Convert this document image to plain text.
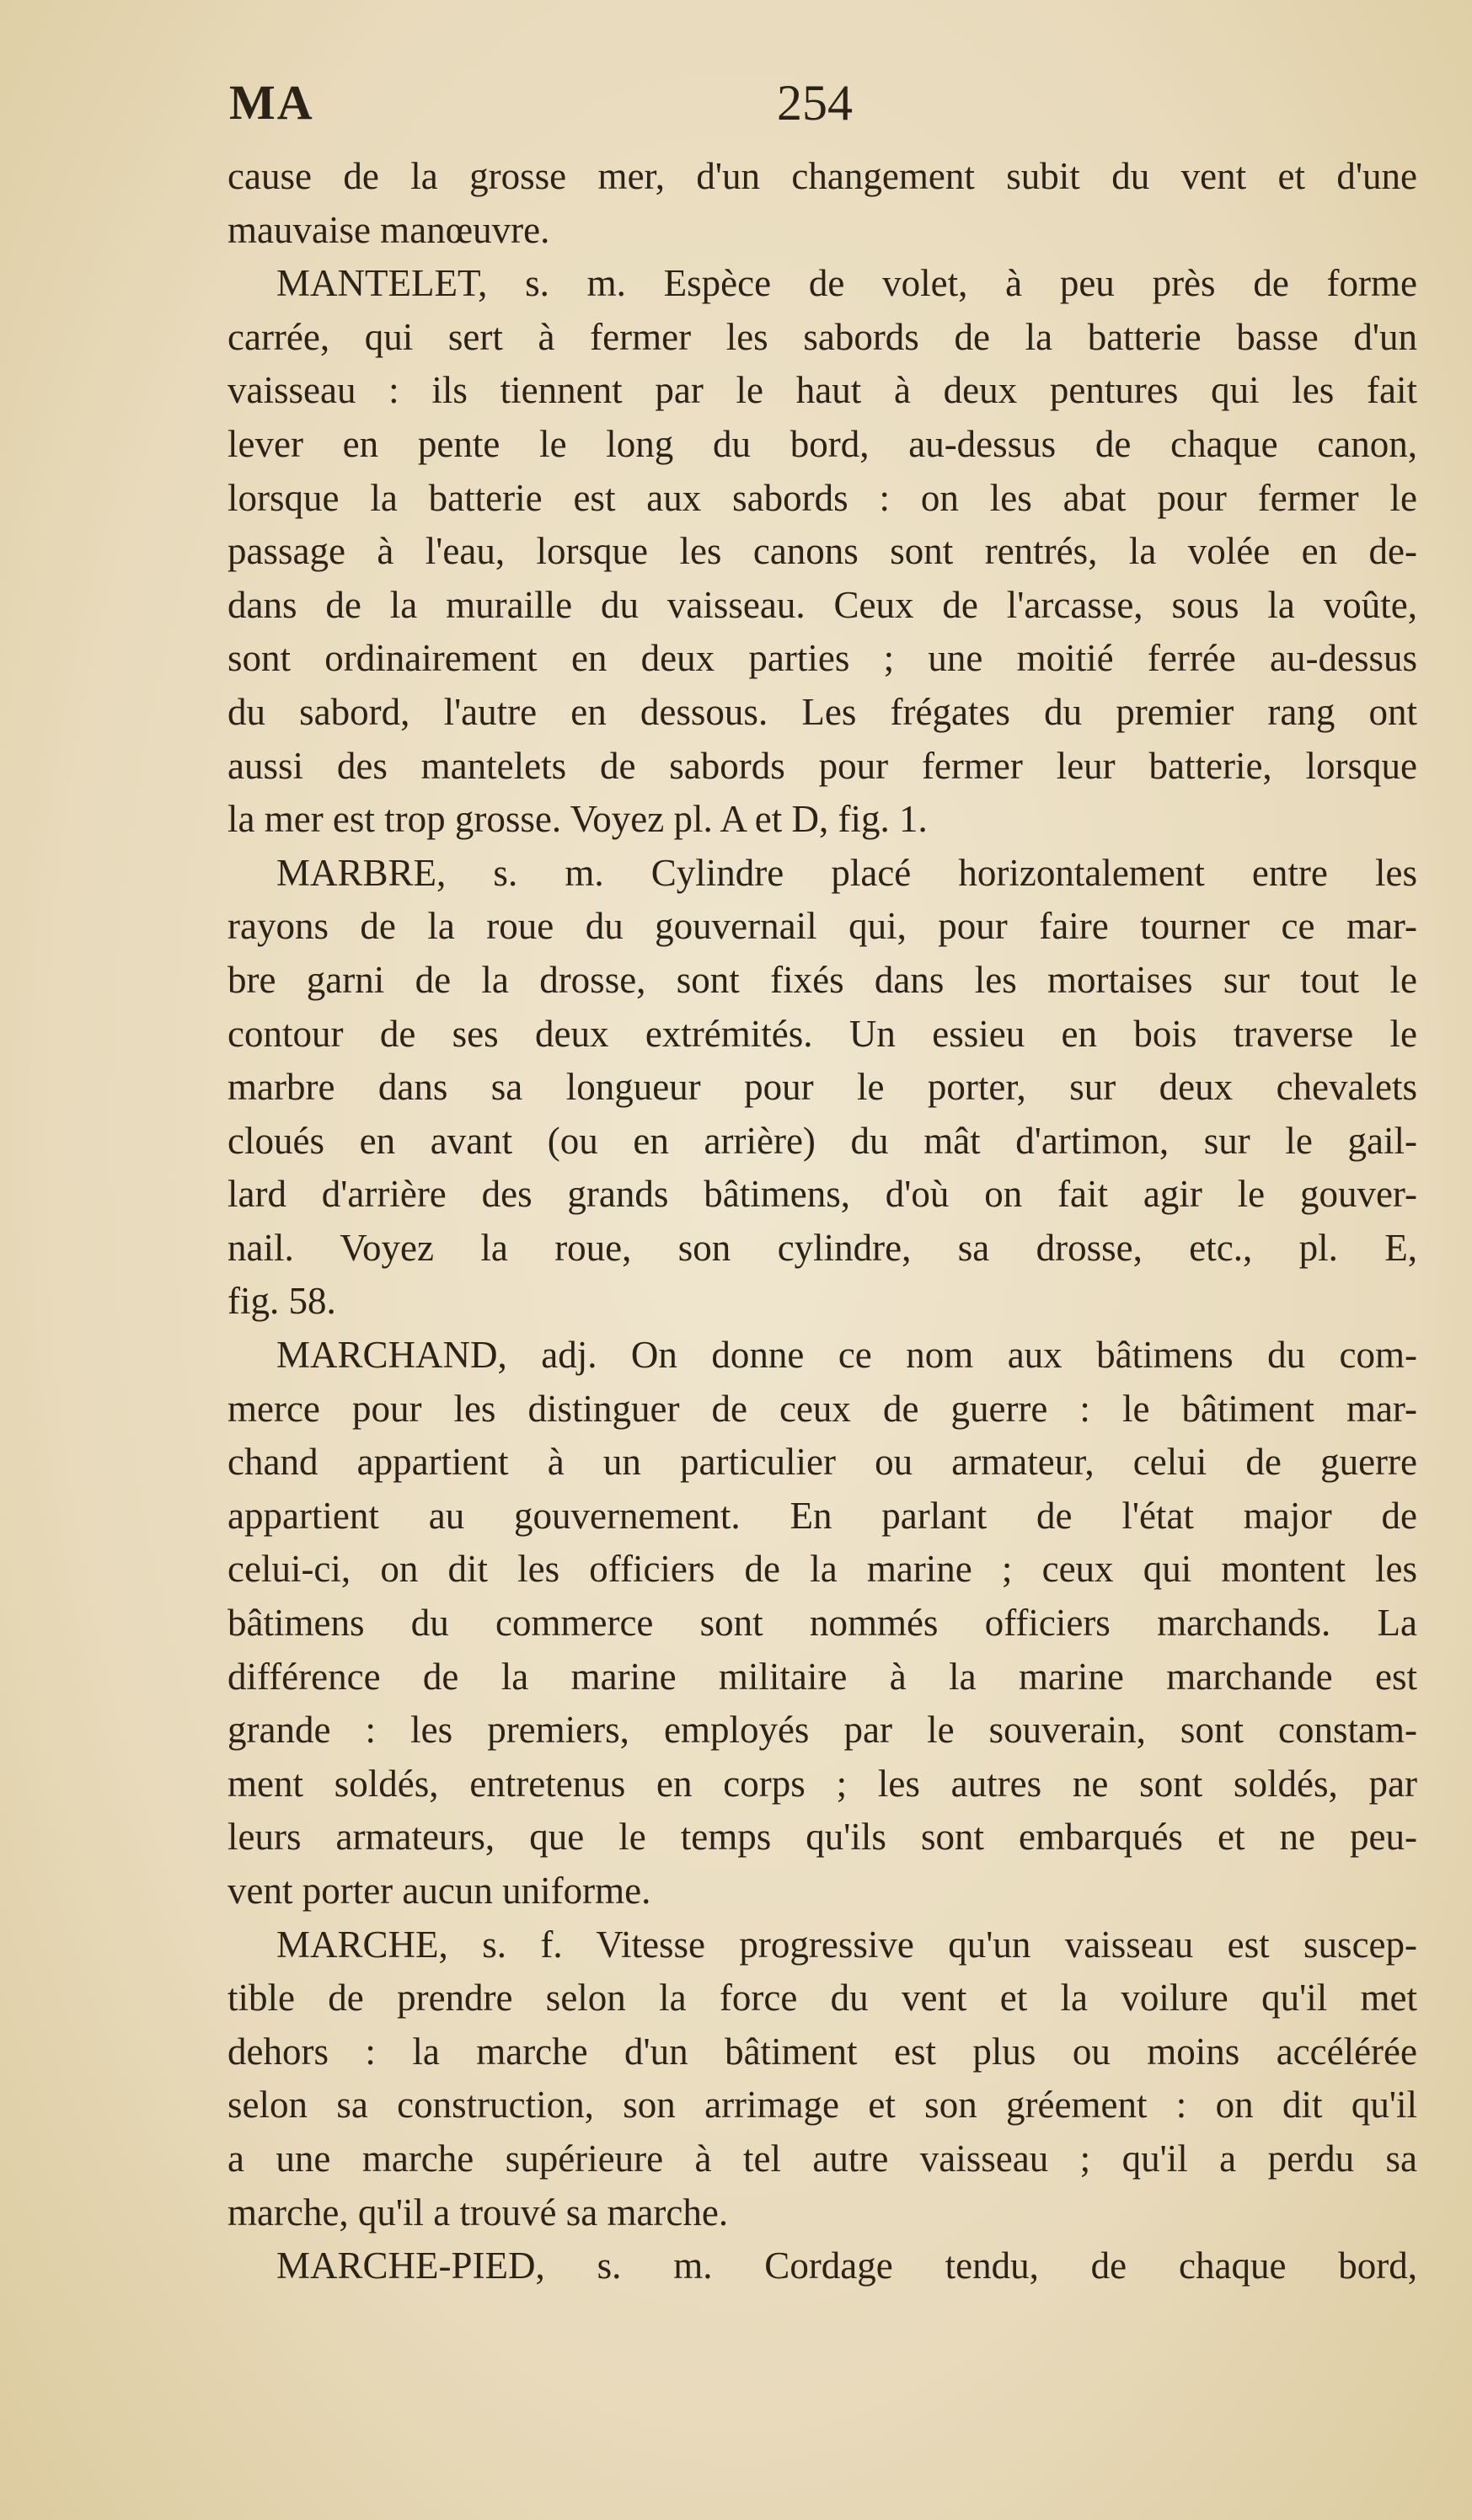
MA	254
cause de la grosse mer, d'un changement subit du vent et d'une
mauvaise manœuvre.
MANTELET, s. m. Espèce de volet, à peu près de forme
carrée, qui sert à fermer les sabords de la batterie basse d'un
vaisseau : ils tiennent par le haut à deux pentures qui les fait
lever en pente le long du bord, au-dessus de chaque canon,
lorsque la batterie est aux sabords : on les abat pour fermer le
passage à l'eau, lorsque les canons sont rentrés, la volée en de-
dans de la muraille du vaisseau. Ceux de l'arcasse, sous la voûte,
sont ordinairement en deux parties ; une moitié ferrée au-dessus
du sabord, l'autre en dessous. Les frégates du premier rang ont
aussi des mantelets de sabords pour fermer leur batterie, lorsque
la mer est trop grosse. Voyez pl. A et D, fig. 1.
MARBRE, s. m. Cylindre placé horizontalement entre les
rayons de la roue du gouvernail qui, pour faire tourner ce mar-
bre garni de la drosse, sont fixés dans les mortaises sur tout le
contour de ses deux extrémités. Un essieu en bois traverse le
marbre dans sa longueur pour le porter, sur deux chevalets
cloués en avant (ou en arrière) du mât d'artimon, sur le gail-
lard d'arrière des grands bâtimens, d'où on fait agir le gouver-
nail. Voyez la roue, son cylindre, sa drosse, etc., pl. E,
fig. 58.
MARCHAND, adj. On donne ce nom aux bâtimens du com-
merce pour les distinguer de ceux de guerre : le bâtiment mar-
chand appartient à un particulier ou armateur, celui de guerre
appartient au gouvernement. En parlant de l'état major de
celui-ci, on dit les officiers de la marine ; ceux qui montent les
bâtimens du commerce sont nommés officiers marchands. La
différence de la marine militaire à la marine marchande est
grande : les premiers, employés par le souverain, sont constam-
ment soldés, entretenus en corps ; les autres ne sont soldés, par
leurs armateurs, que le temps qu'ils sont embarqués et ne peu-
vent porter aucun uniforme.
MARCHE, s. f. Vitesse progressive qu'un vaisseau est suscep-
tible de prendre selon la force du vent et la voilure qu'il met
dehors : la marche d'un bâtiment est plus ou moins accélérée
selon sa construction, son arrimage et son gréement : on dit qu'il
a une marche supérieure à tel autre vaisseau ; qu'il a perdu sa
marche, qu'il a trouvé sa marche.
MARCHE-PIED, s. m. Cordage tendu, de chaque bord,
